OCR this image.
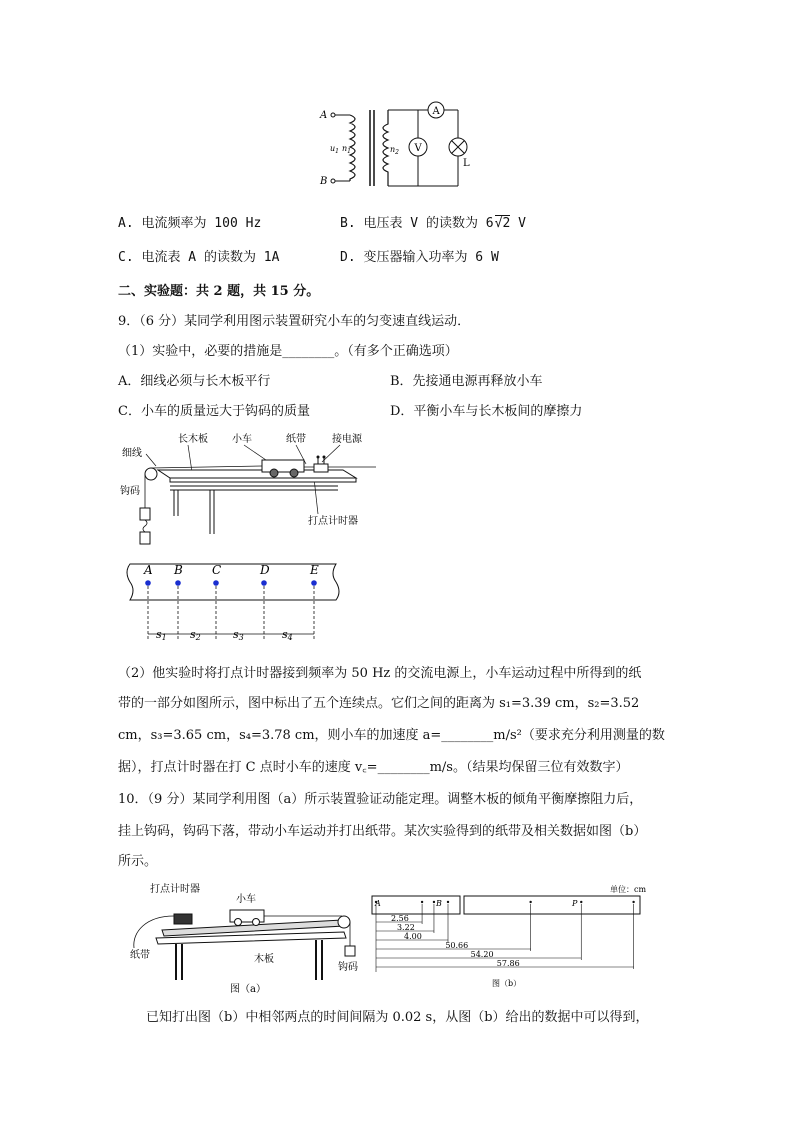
A
B
$u_1$ $n_1$	$n_2$ V
A
L
A. 电流频率为 100 Hz	B. 电压表 V 的读数为 6√2 V
C. 电流表 A 的读数为 1A	D. 变压器输入功率为 6 W
二、实验题：共 2 题，共 15 分。
9．（6 分）某同学利用图示装置研究小车的匀变速直线运动．
（1）实验中，必要的措施是________。（有多个正确选项）
A．细线必须与长木板平行	B．先接通电源再释放小车
C．小车的质量远大于钩码的质量	D．平衡小车与长木板间的摩擦力
细线
长木板 小车	纸带	接电源
钩码
打点计时器
A B C	D	E
s1 s2	s3	s4
（2）他实验时将打点计时器接到频率为 50 Hz 的交流电源上，小车运动过程中所得到的纸
带的一部分如图所示，图中标出了五个连续点。它们之间的距离为 s₁=3.39 cm，s₂=3.52
cm，s₃=3.65 cm，s₄=3.78 cm，则小车的加速度 a=________m/s²（要求充分利用测量的数
据），打点计时器在打 C 点时小车的速度 v꜀=________m/s。（结果均保留三位有效数字）
10．（9 分）某同学利用图（a）所示装置验证动能定理。调整木板的倾角平衡摩擦阻力后，
挂上钩码，钩码下落，带动小车运动并打出纸带。某次实验得到的纸带及相关数据如图（b）
所示。
打点计时器
小车
纸带	木板
钩码
图（a）
单位：cm
A	B	P
2.56
3.22
4.00
50.66
54.20
57.86
图（b）
已知打出图（b）中相邻两点的时间间隔为 0.02 s，从图（b）给出的数据中可以得到，
